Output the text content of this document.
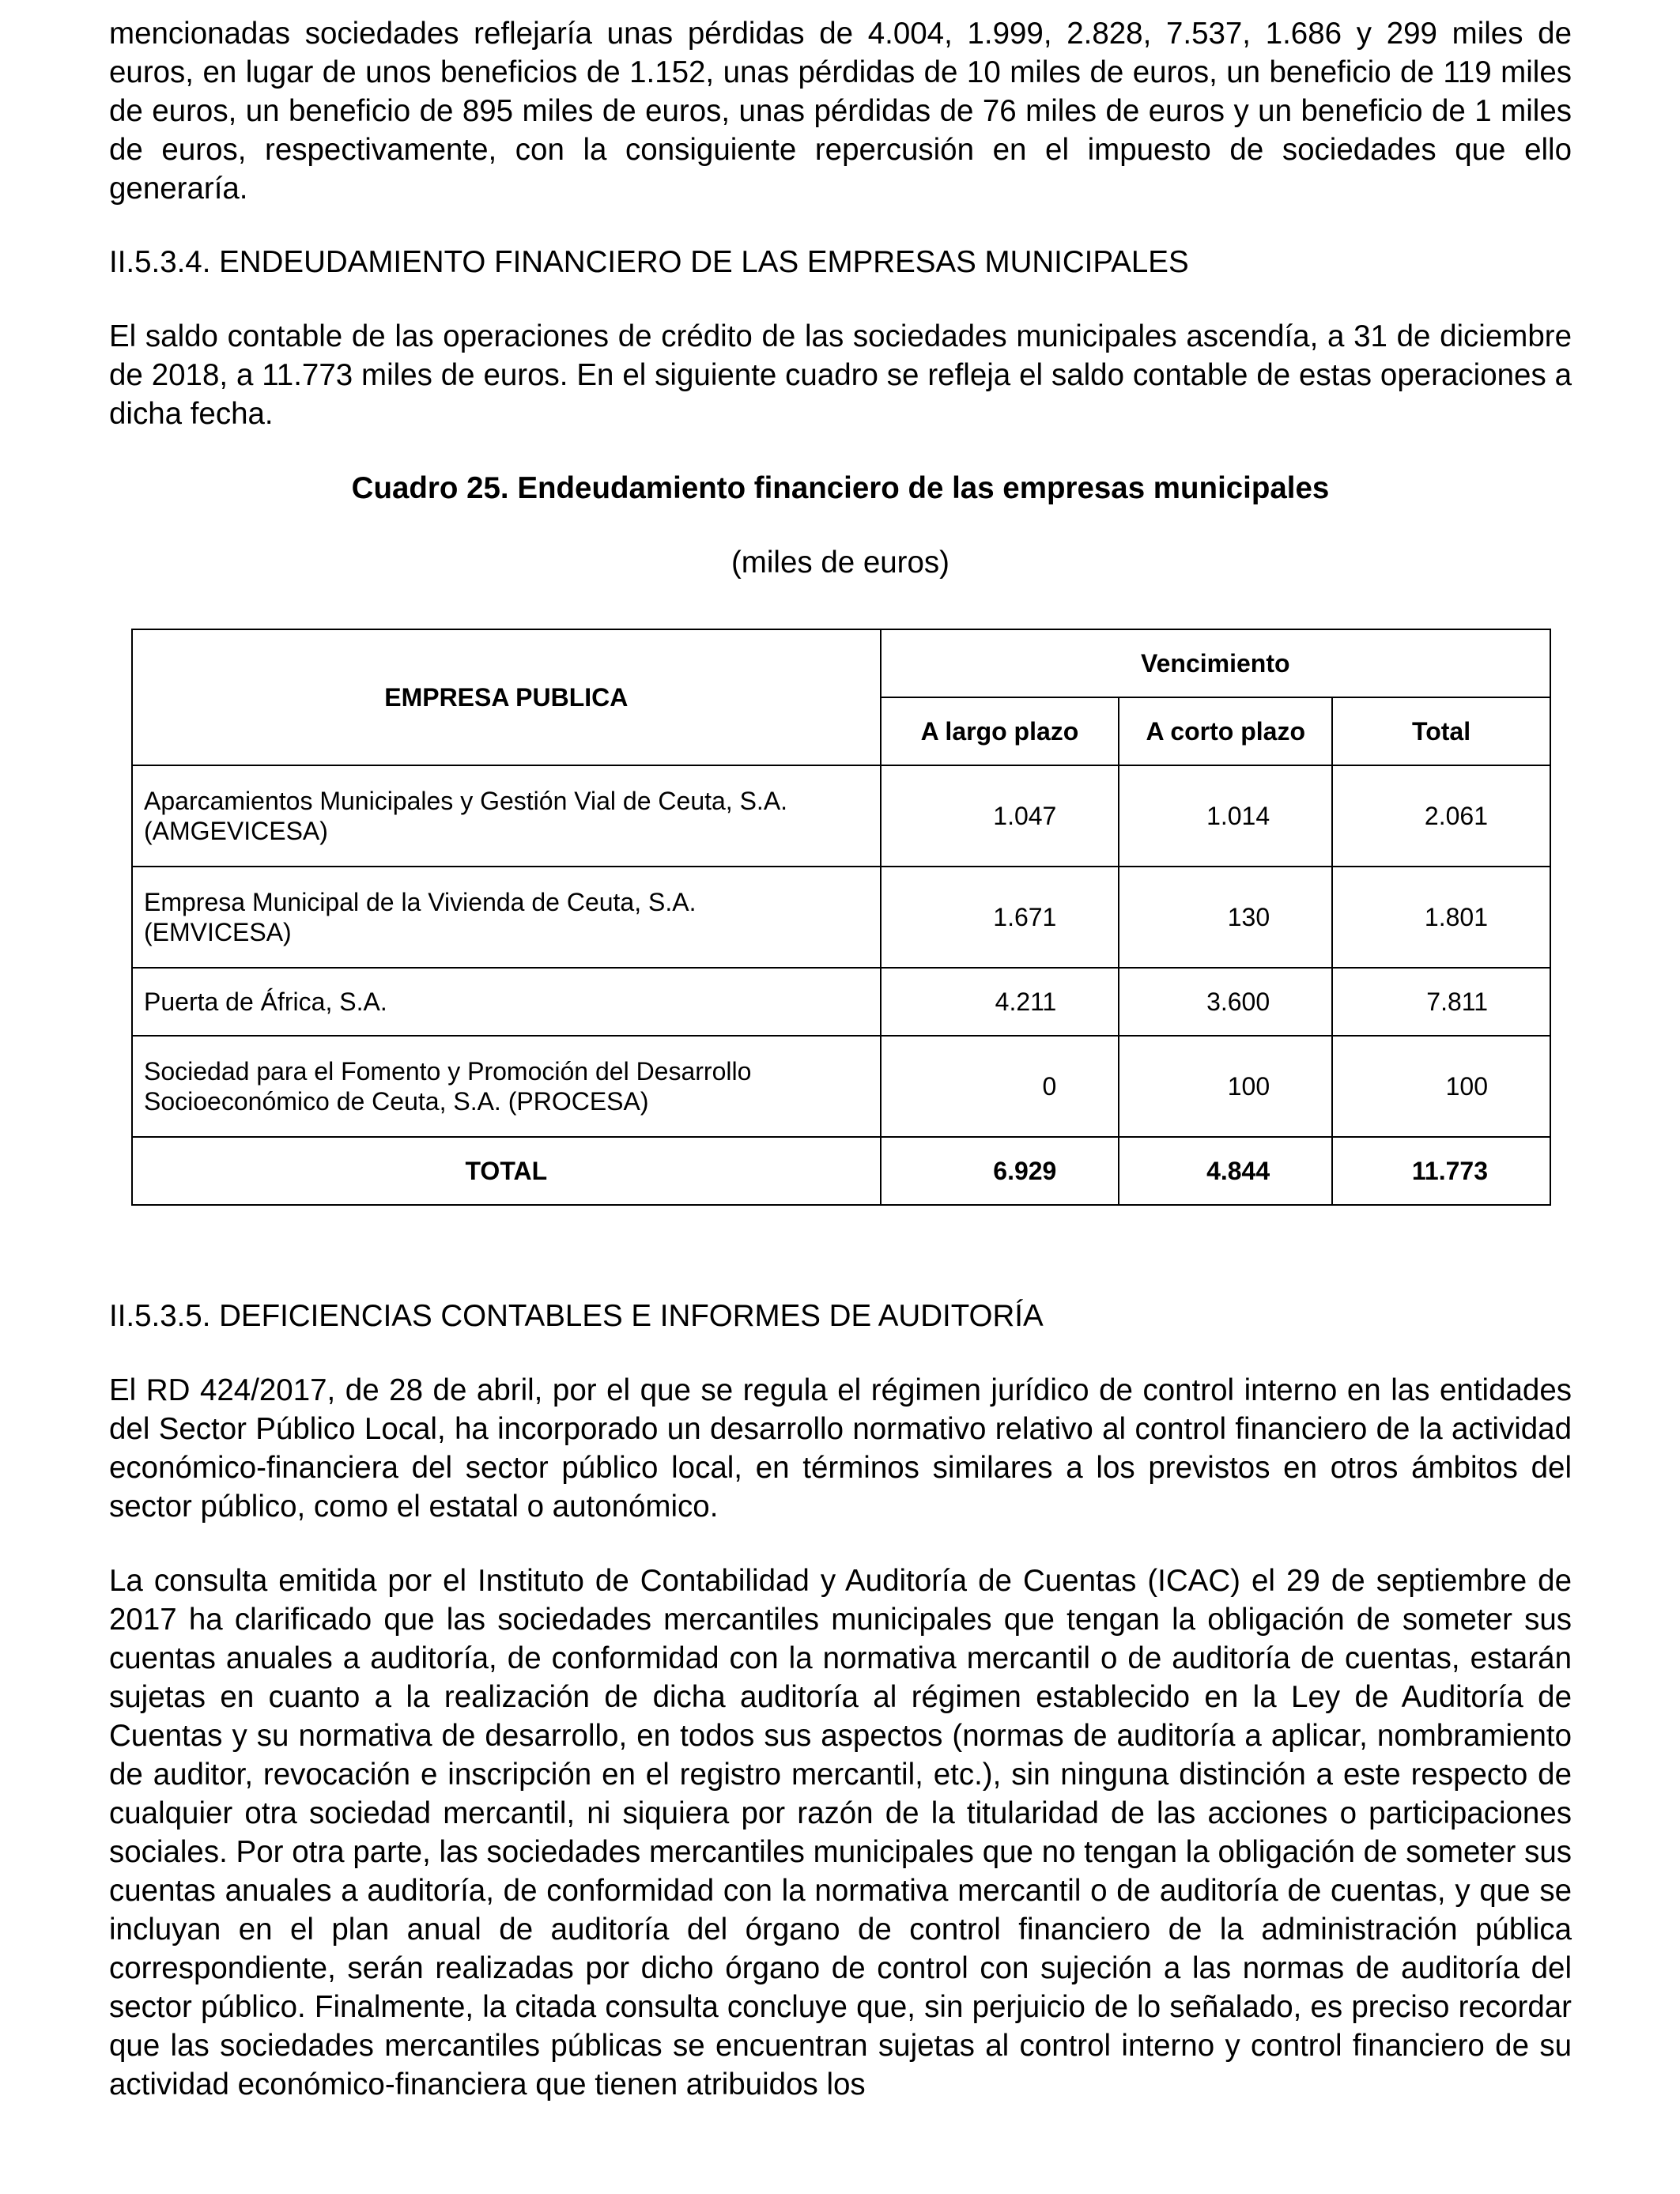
mencionadas sociedades reflejaría unas pérdidas de 4.004, 1.999, 2.828, 7.537, 1.686 y 299 miles de euros, en lugar de unos beneficios de 1.152, unas pérdidas de 10 miles de euros, un beneficio de 119 miles de euros, un beneficio de 895 miles de euros, unas pérdidas de 76 miles de euros y un beneficio de 1 miles de euros, respectivamente, con la consiguiente repercusión en el impuesto de sociedades que ello generaría.

II.5.3.4. ENDEUDAMIENTO FINANCIERO DE LAS EMPRESAS MUNICIPALES

El saldo contable de las operaciones de crédito de las sociedades municipales ascendía, a 31 de diciembre de 2018, a 11.773 miles de euros. En el siguiente cuadro se refleja el saldo contable de estas operaciones a dicha fecha.

Cuadro 25. Endeudamiento financiero de las empresas municipales

(miles de euros)

EMPRESA PUBLICA	Vencimiento		
	A largo plazo	A corto plazo	Total
Aparcamientos Municipales y Gestión Vial de Ceuta, S.A.
(AMGEVICESA)	1.047	1.014	2.061
Empresa Municipal de la Vivienda de Ceuta, S.A.
(EMVICESA)	1.671	130	1.801
Puerta de África, S.A.	4.211	3.600	7.811
Sociedad para el Fomento y Promoción del Desarrollo
Socioeconómico de Ceuta, S.A. (PROCESA)	0	100	100
TOTAL	6.929	4.844	11.773

II.5.3.5. DEFICIENCIAS CONTABLES E INFORMES DE AUDITORÍA

El RD 424/2017, de 28 de abril, por el que se regula el régimen jurídico de control interno en las entidades del Sector Público Local, ha incorporado un desarrollo normativo relativo al control financiero de la actividad económico-financiera del sector público local, en términos similares a los previstos en otros ámbitos del sector público, como el estatal o autonómico.

La consulta emitida por el Instituto de Contabilidad y Auditoría de Cuentas (ICAC) el 29 de septiembre de 2017 ha clarificado que las sociedades mercantiles municipales que tengan la obligación de someter sus cuentas anuales a auditoría, de conformidad con la normativa mercantil o de auditoría de cuentas, estarán sujetas en cuanto a la realización de dicha auditoría al régimen establecido en la Ley de Auditoría de Cuentas y su normativa de desarrollo, en todos sus aspectos (normas de auditoría a aplicar, nombramiento de auditor, revocación e inscripción en el registro mercantil, etc.), sin ninguna distinción a este respecto de cualquier otra sociedad mercantil, ni siquiera por razón de la titularidad de las acciones o participaciones sociales. Por otra parte, las sociedades mercantiles municipales que no tengan la obligación de someter sus cuentas anuales a auditoría, de conformidad con la normativa mercantil o de auditoría de cuentas, y que se incluyan en el plan anual de auditoría del órgano de control financiero de la administración pública correspondiente, serán realizadas por dicho órgano de control con sujeción a las normas de auditoría del sector público. Finalmente, la citada consulta concluye que, sin perjuicio de lo señalado, es preciso recordar que las sociedades mercantiles públicas se encuentran sujetas al control interno y control financiero de su actividad económico-financiera que tienen atribuidos los
